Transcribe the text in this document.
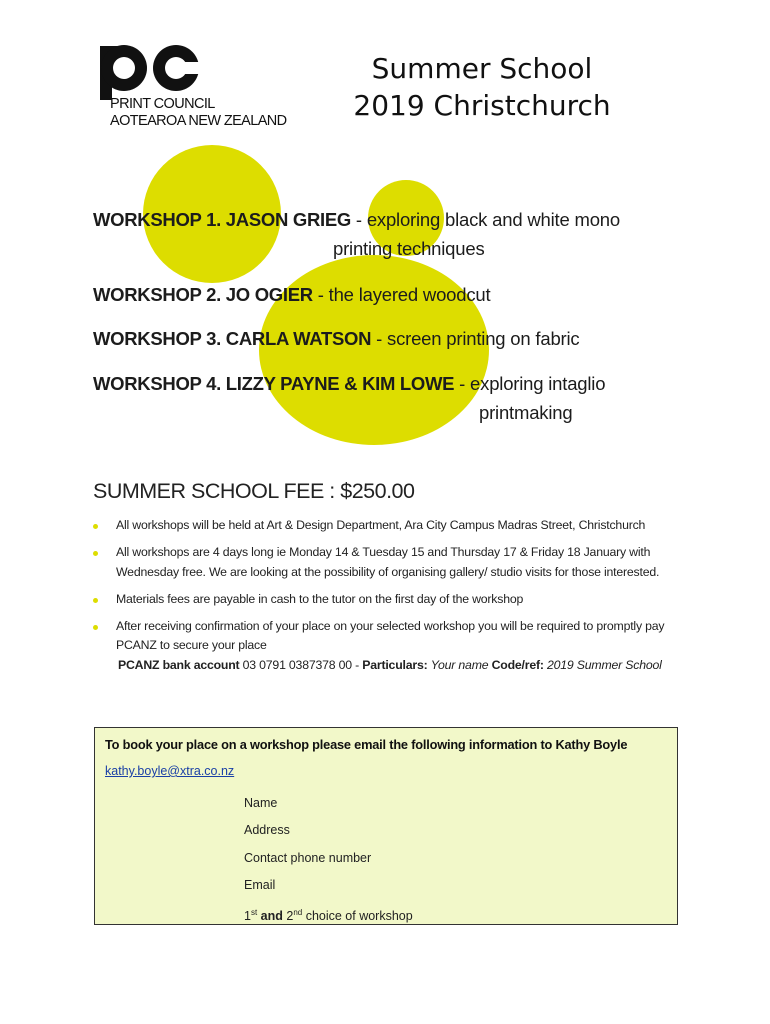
PRINT COUNCIL
AOTEAROA NEW ZEALAND
Summer School
2019 Christchurch
WORKSHOP 1. JASON GRIEG - exploring black and white mono
printing techniques
WORKSHOP 2. JO OGIER - the layered woodcut
WORKSHOP 3. CARLA WATSON - screen printing on fabric
WORKSHOP 4. LIZZY PAYNE & KIM LOWE - exploring intaglio
printmaking
SUMMER SCHOOL FEE : $250.00
All workshops will be held at Art & Design Department, Ara City Campus Madras Street, Christchurch
All workshops are 4 days long ie Monday 14 & Tuesday 15 and Thursday 17 & Friday 18 January with Wednesday free. We are looking at the possibility of organising gallery/ studio visits for those interested.
Materials fees are payable in cash to the tutor on the first day of the workshop
After receiving confirmation of your place on your selected workshop you will be required to promptly pay PCANZ to secure your place
PCANZ bank account 03 0791 0387378 00 - Particulars: Your name Code/ref: 2019 Summer School
To book your place on a workshop please email the following information to Kathy Boyle
kathy.boyle@xtra.co.nz
Name
Address
Contact phone number
Email
1st and 2nd choice of workshop
